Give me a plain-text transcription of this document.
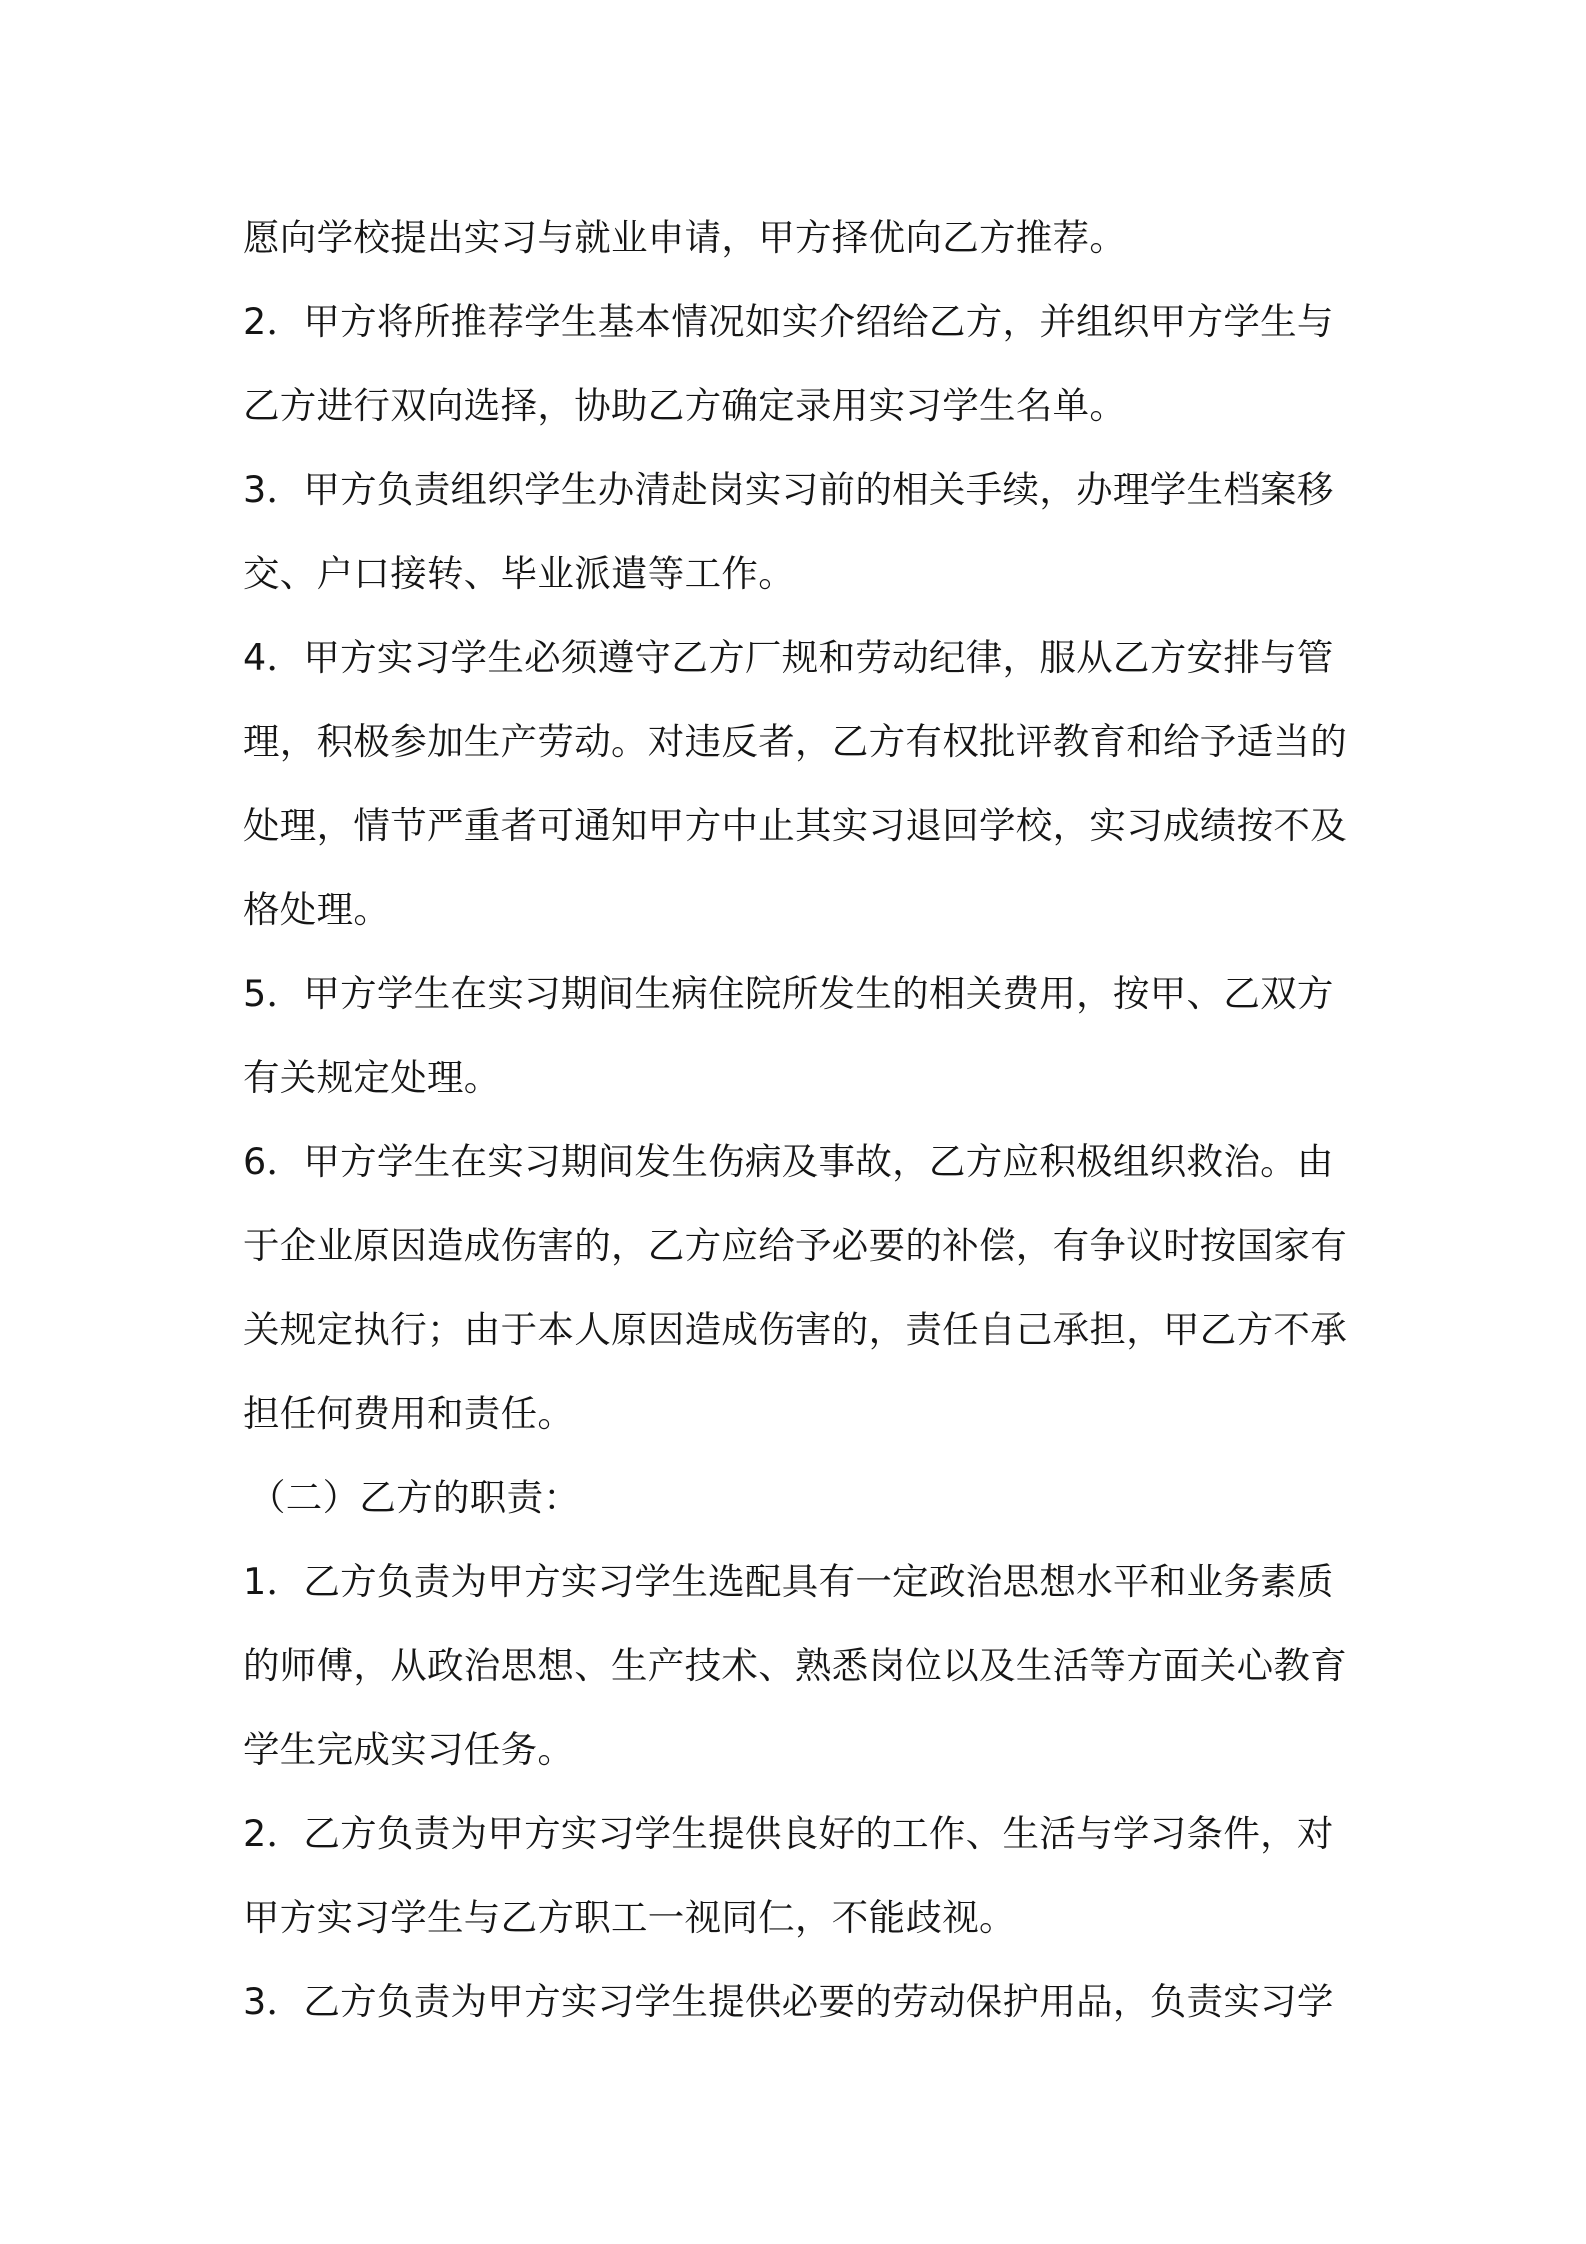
愿向学校提出实习与就业申请，甲方择优向乙方推荐。
2．甲方将所推荐学生基本情况如实介绍给乙方，并组织甲方学生与
乙方进行双向选择，协助乙方确定录用实习学生名单。
3．甲方负责组织学生办清赴岗实习前的相关手续，办理学生档案移
交、户口接转、毕业派遣等工作。
4．甲方实习学生必须遵守乙方厂规和劳动纪律，服从乙方安排与管
理，积极参加生产劳动。对违反者，乙方有权批评教育和给予适当的
处理，情节严重者可通知甲方中止其实习退回学校，实习成绩按不及
格处理。
5．甲方学生在实习期间生病住院所发生的相关费用，按甲、乙双方
有关规定处理。
6．甲方学生在实习期间发生伤病及事故，乙方应积极组织救治。由
于企业原因造成伤害的，乙方应给予必要的补偿，有争议时按国家有
关规定执行；由于本人原因造成伤害的，责任自己承担，甲乙方不承
担任何费用和责任。
（二）乙方的职责：
1．乙方负责为甲方实习学生选配具有一定政治思想水平和业务素质
的师傅，从政治思想、生产技术、熟悉岗位以及生活等方面关心教育
学生完成实习任务。
2．乙方负责为甲方实习学生提供良好的工作、生活与学习条件，对
甲方实习学生与乙方职工一视同仁，不能歧视。
3．乙方负责为甲方实习学生提供必要的劳动保护用品，负责实习学
